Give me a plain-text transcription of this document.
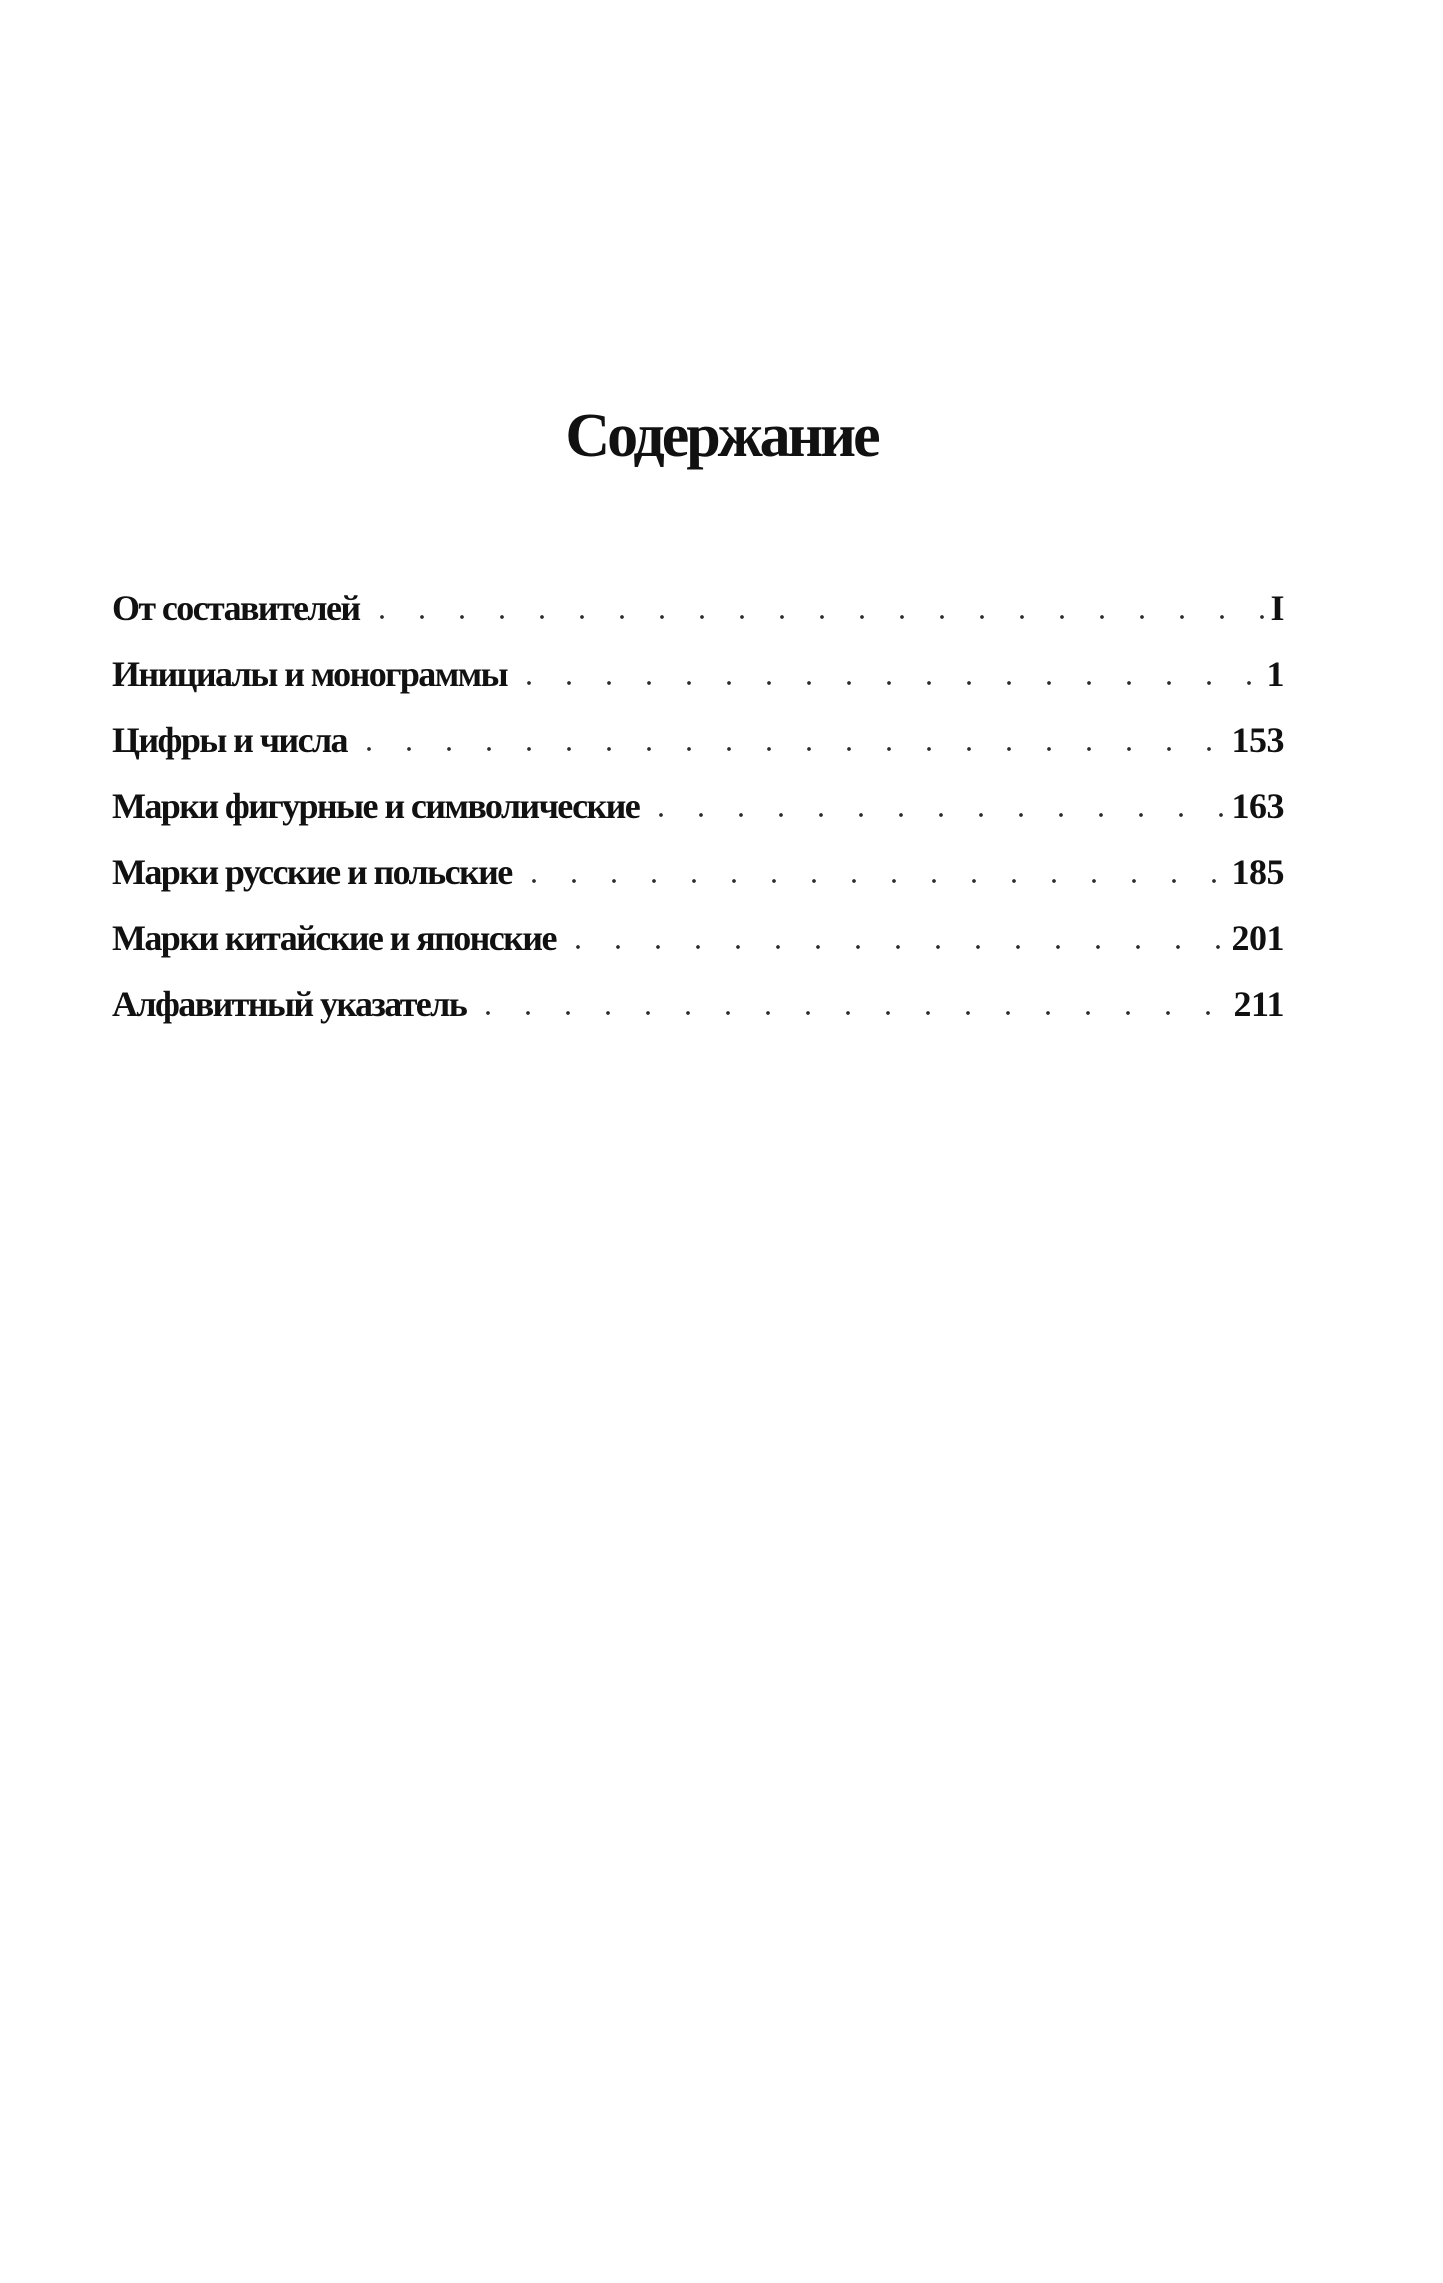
Содержание
От составителей	I
Инициалы и монограммы	1
Цифры и числа	153
Марки фигурные и символические	163
Марки русские и польские	185
Марки китайские и японские	201
Алфавитный указатель	211
